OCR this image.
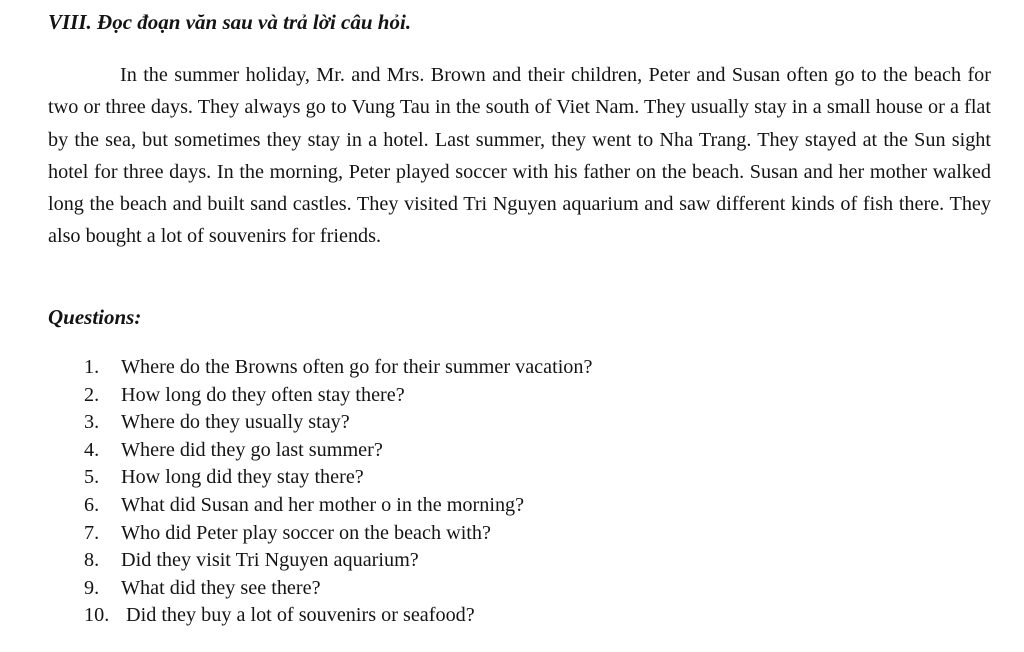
VIII. Đọc đoạn văn sau và trả lời câu hỏi.

In the summer holiday, Mr. and Mrs. Brown and their children, Peter and Susan often go to the beach for two or three days. They always go to Vung Tau in the south of Viet Nam. They usually stay in a small house or a flat by the sea, but sometimes they stay in a hotel. Last summer, they went to Nha Trang. They stayed at the Sun sight hotel for three days. In the morning, Peter played soccer with his father on the beach. Susan and her mother walked long the beach and built sand castles. They visited Tri Nguyen aquarium and saw different kinds of fish there. They also bought a lot of souvenirs for friends.

Questions:
1. Where do the Browns often go for their summer vacation?
2. How long do they often stay there?
3. Where do they usually stay?
4. Where did they go last summer?
5. How long did they stay there?
6. What did Susan and her mother o in the morning?
7. Who did Peter play soccer on the beach with?
8. Did they visit Tri Nguyen aquarium?
9. What did they see there?
10. Did they buy a lot of souvenirs or seafood?
